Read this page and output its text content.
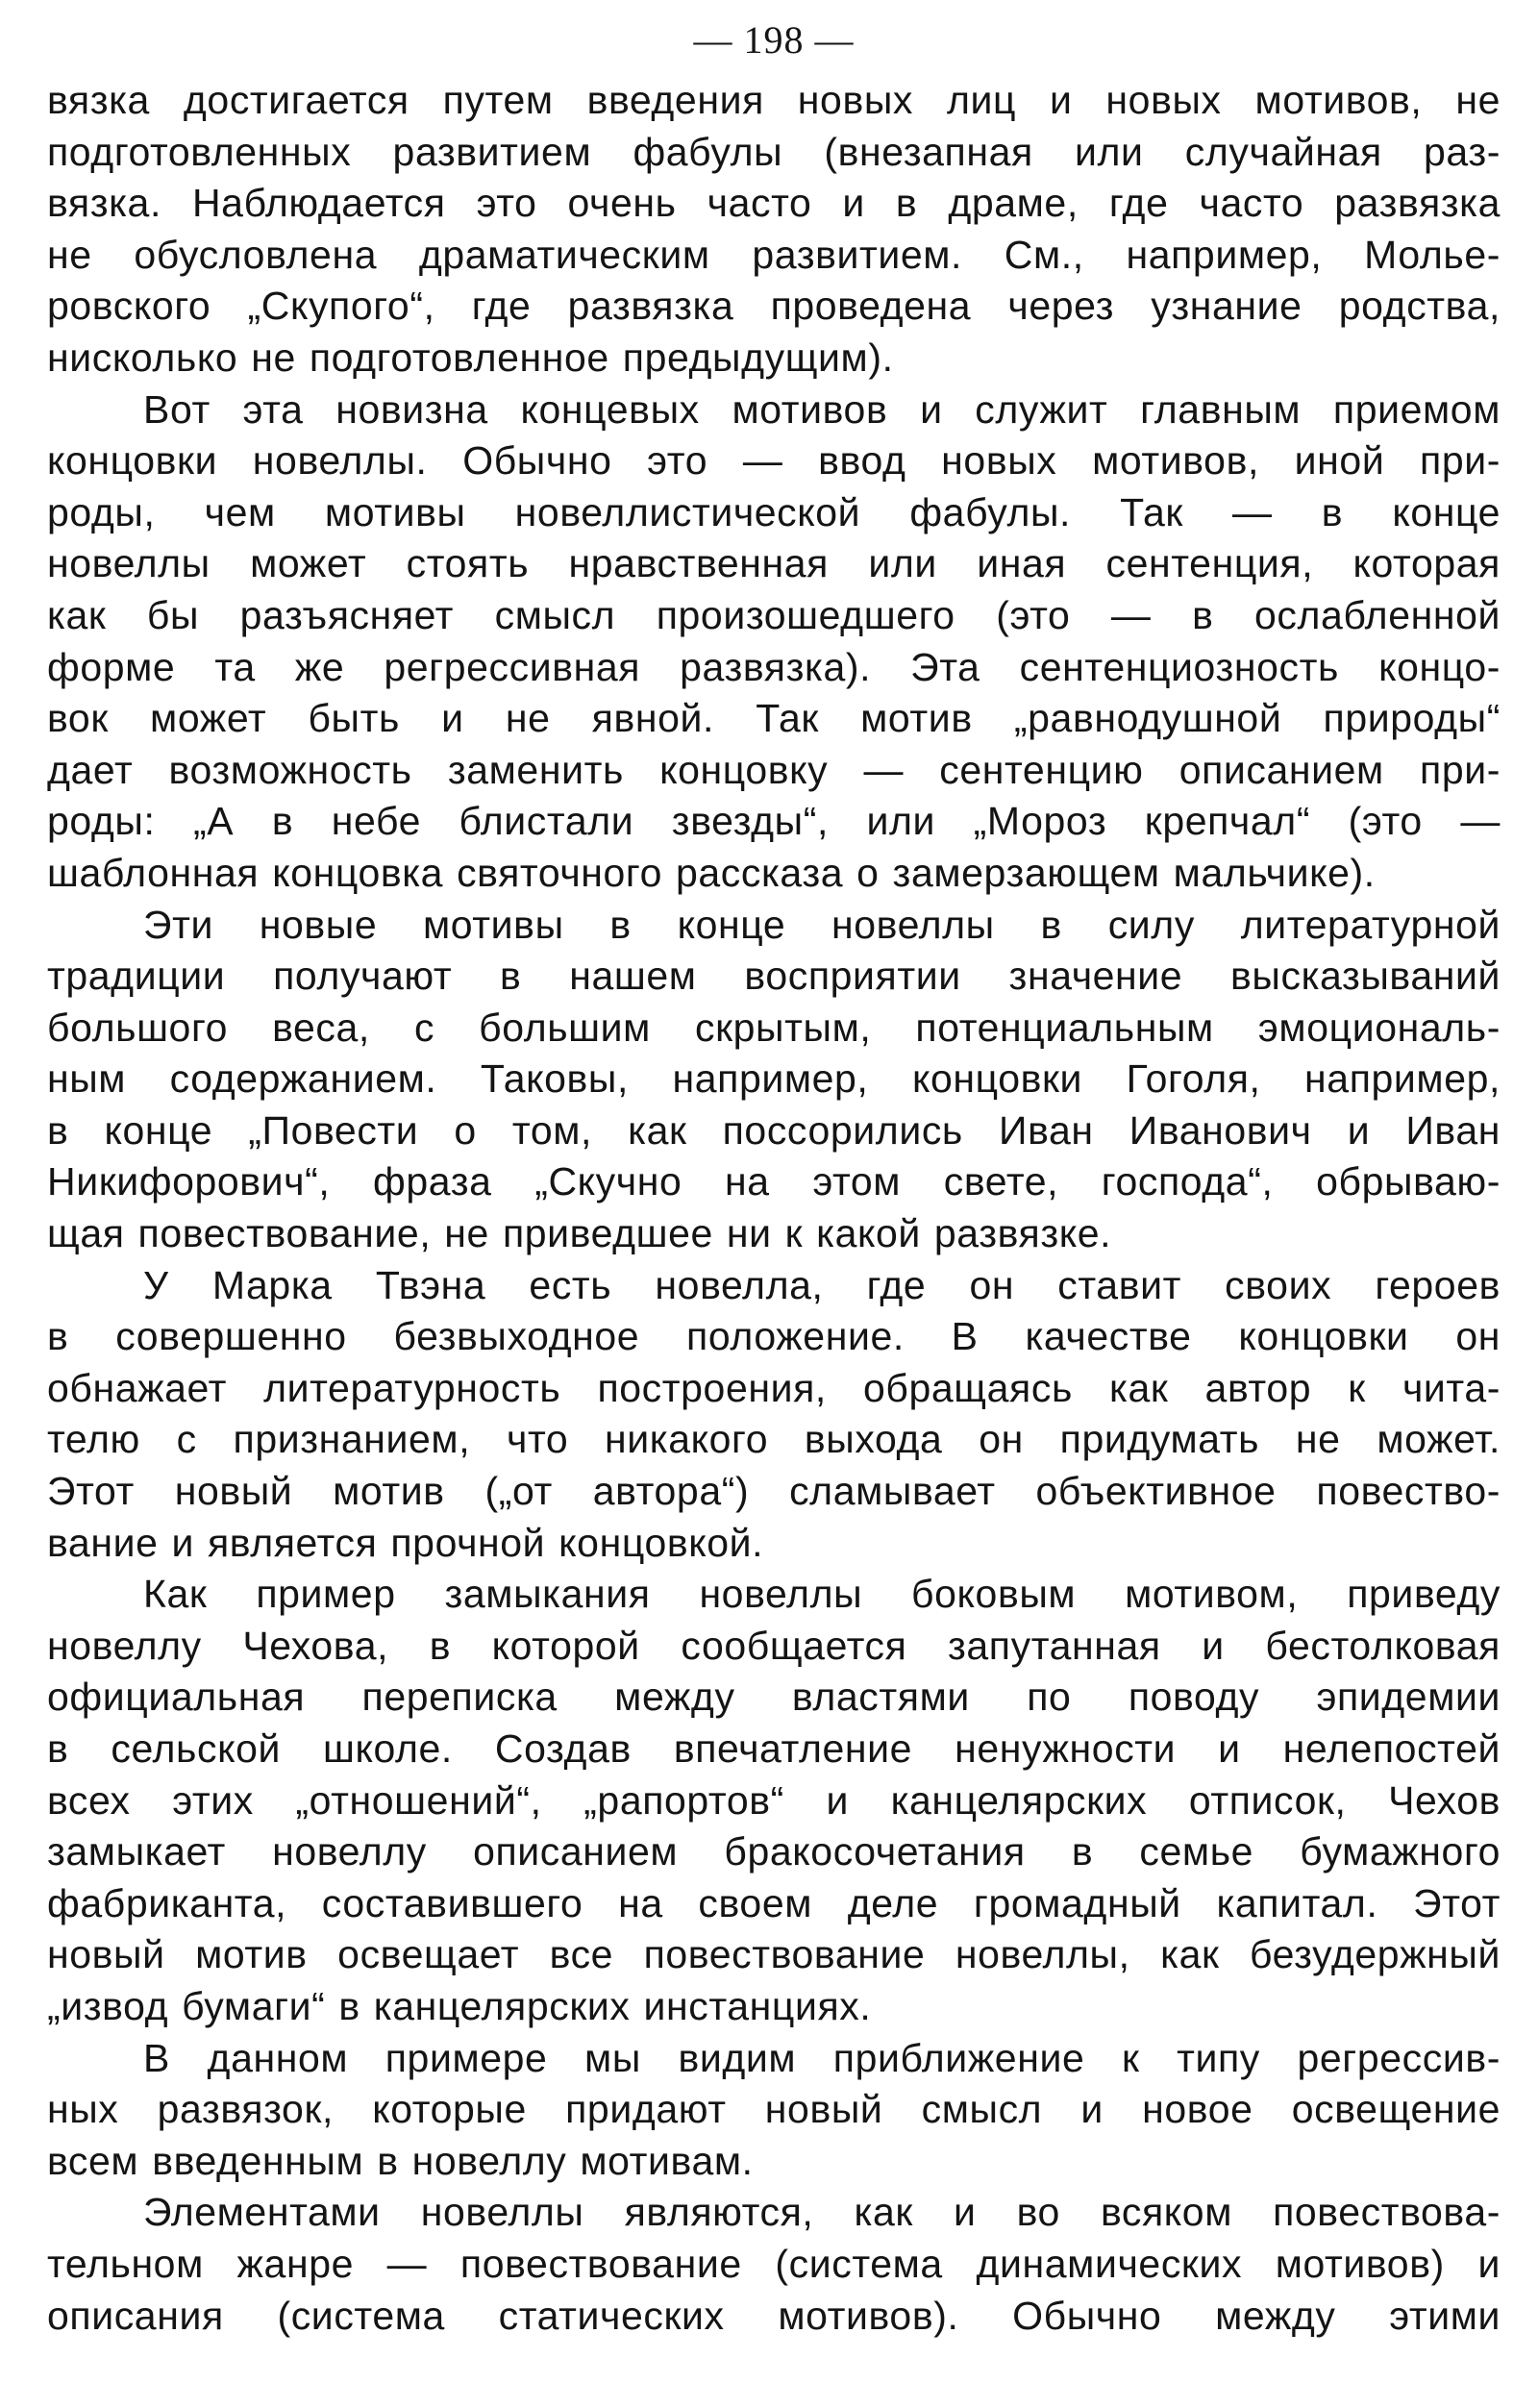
— 198 —
вязка достигается путем введения новых лиц и новых мотивов, не
подготовленных развитием фабулы (внезапная или случайная раз-
вязка. Наблюдается это очень часто и в драме, где часто развязка
не обусловлена драматическим развитием. См., например, Молье-
ровского „Скупого“, где развязка проведена через узнание родства,
нисколько не подготовленное предыдущим).
Вот эта новизна концевых мотивов и служит главным приемом
концовки новеллы. Обычно это — ввод новых мотивов, иной при-
роды, чем мотивы новеллистической фабулы. Так — в конце
новеллы может стоять нравственная или иная сентенция, которая
как бы разъясняет смысл произошедшего (это — в ослабленной
форме та же регрессивная развязка). Эта сентенциозность концо-
вок может быть и не явной. Так мотив „равнодушной природы“
дает возможность заменить концовку — сентенцию описанием при-
роды: „А в небе блистали звезды“, или „Мороз крепчал“ (это —
шаблонная концовка святочного рассказа о замерзающем мальчике).
Эти новые мотивы в конце новеллы в силу литературной
традиции получают в нашем восприятии значение высказываний
большого веса, с большим скрытым, потенциальным эмоциональ-
ным содержанием. Таковы, например, концовки Гоголя, например,
в конце „Повести о том, как поссорились Иван Иванович и Иван
Никифорович“, фраза „Скучно на этом свете, господа“, обрываю-
щая повествование, не приведшее ни к какой развязке.
У Марка Твэна есть новелла, где он ставит своих героев
в совершенно безвыходное положение. В качестве концовки он
обнажает литературность построения, обращаясь как автор к чита-
телю с признанием, что никакого выхода он придумать не может.
Этот новый мотив („от автора“) сламывает объективное повество-
вание и является прочной концовкой.
Как пример замыкания новеллы боковым мотивом, приведу
новеллу Чехова, в которой сообщается запутанная и бестолковая
официальная переписка между властями по поводу эпидемии
в сельской школе. Создав впечатление ненужности и нелепостей
всех этих „отношений“, „рапортов“ и канцелярских отписок, Чехов
замыкает новеллу описанием бракосочетания в семье бумажного
фабриканта, составившего на своем деле громадный капитал. Этот
новый мотив освещает все повествование новеллы, как безудержный
„извод бумаги“ в канцелярских инстанциях.
В данном примере мы видим приближение к типу регрессив-
ных развязок, которые придают новый смысл и новое освещение
всем введенным в новеллу мотивам.
Элементами новеллы являются, как и во всяком повествова-
тельном жанре — повествование (система динамических мотивов) и
описания (система статических мотивов). Обычно между этими
